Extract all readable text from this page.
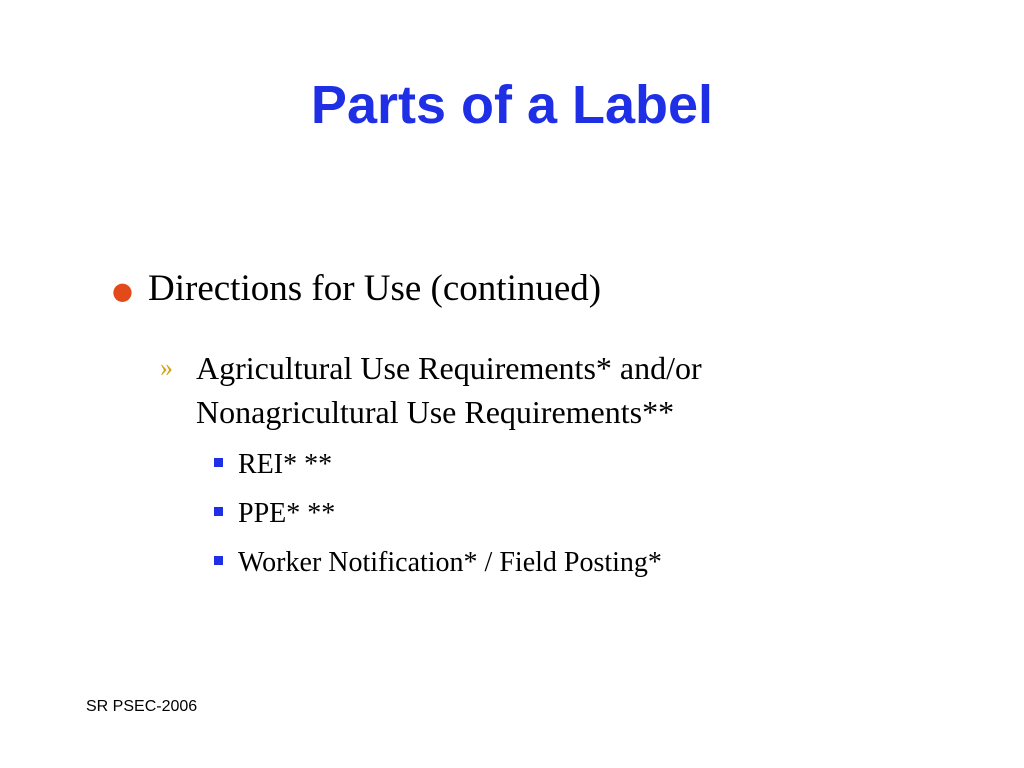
Parts of a Label
● Directions for Use (continued)
» Agricultural Use Requirements* and/or
Nonagricultural Use Requirements**
REI* **
PPE* **
Worker Notification* / Field Posting*
SR PSEC-2006
